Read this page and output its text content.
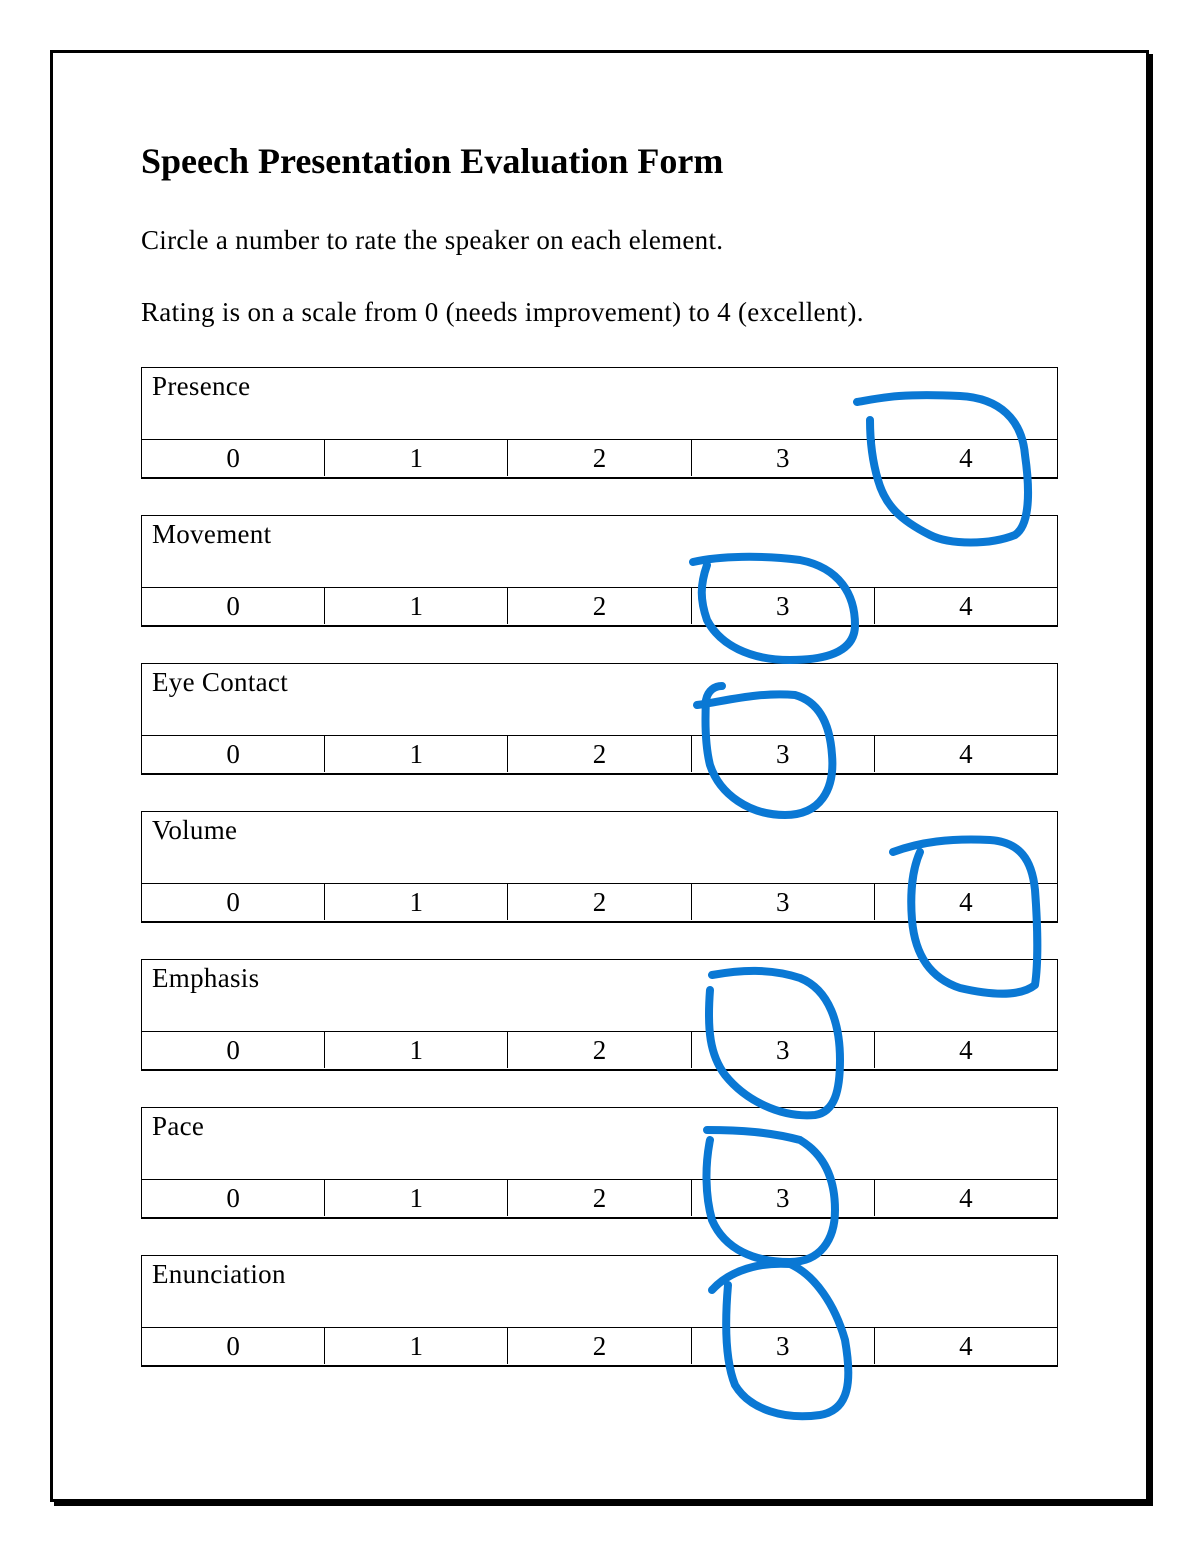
Speech Presentation Evaluation Form
Circle a number to rate the speaker on each element.
Rating is on a scale from 0 (needs improvement) to 4 (excellent).
Presence
0	1	2	3	4
Movement
0	1	2	3	4
Eye Contact
0	1	2	3	4
Volume
0	1	2	3	4
Emphasis
0	1	2	3	4
Pace
0	1	2	3	4
Enunciation
0	1	2	3	4
